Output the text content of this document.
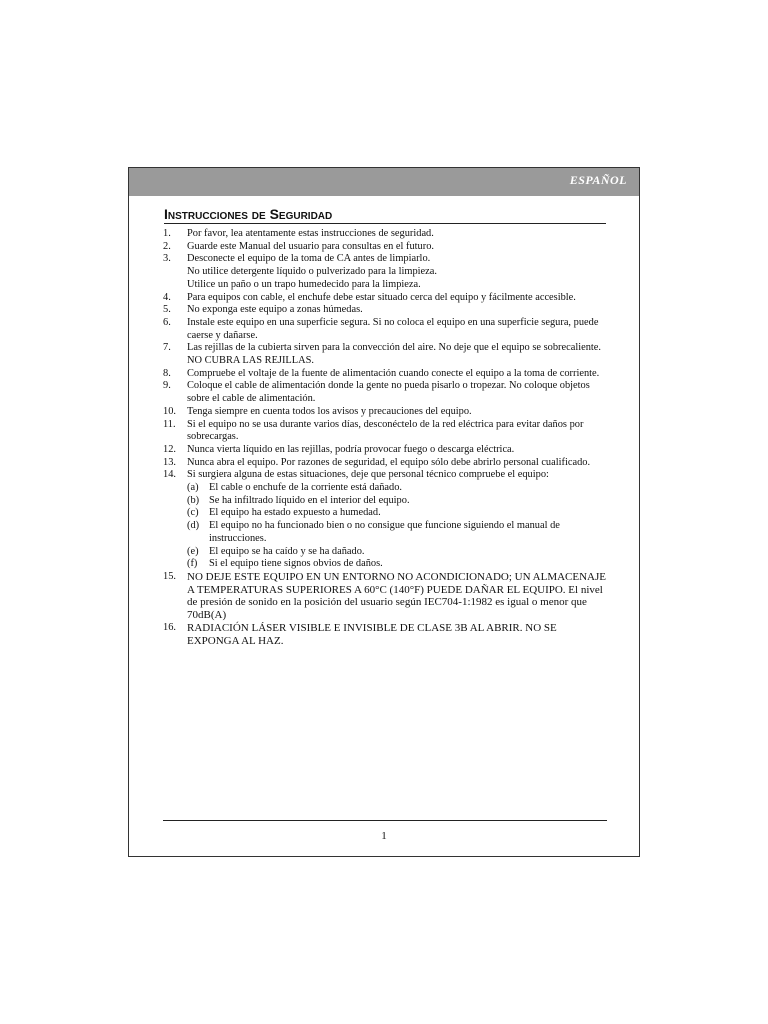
ESPAÑOL
Instrucciones de Seguridad
1.	Por favor, lea atentamente estas instrucciones de seguridad.
2.	Guarde este Manual del usuario para consultas en el futuro.
3.	Desconecte el equipo de la toma de CA antes de limpiarlo.
No utilice detergente líquido o pulverizado para la limpieza.
Utilice un paño o un trapo humedecido para la limpieza.
4.	Para equipos con cable, el enchufe debe estar situado cerca del equipo y fácilmente accesible.
5.	No exponga este equipo a zonas húmedas.
6.	Instale este equipo en una superficie segura. Si no coloca el equipo en una superficie segura, puede caerse y dañarse.
7.	Las rejillas de la cubierta sirven para la convección del aire. No deje que el equipo se sobrecaliente. NO CUBRA LAS REJILLAS.
8.	Compruebe el voltaje de la fuente de alimentación cuando conecte el equipo a la toma de corriente.
9.	Coloque el cable de alimentación donde la gente no pueda pisarlo o tropezar. No coloque objetos sobre el cable de alimentación.
10.	Tenga siempre en cuenta todos los avisos y precauciones del equipo.
11.	Si el equipo no se usa durante varios días, desconéctelo de la red eléctrica para evitar daños por sobrecargas.
12.	Nunca vierta líquido en las rejillas, podría provocar fuego o descarga eléctrica.
13.	Nunca abra el equipo. Por razones de seguridad, el equipo sólo debe abrirlo personal cualificado.
14.	Si surgiera alguna de estas situaciones, deje que personal técnico compruebe el equipo:
(a)	El cable o enchufe de la corriente está dañado.
(b) Se ha infiltrado líquido en el interior del equipo.
(c)	El equipo ha estado expuesto a humedad.
(d) El equipo no ha funcionado bien o no consigue que funcione siguiendo el manual de instrucciones.
(e)	El equipo se ha caído y se ha dañado.
(f)	Si el equipo tiene signos obvios de daños.
15.	NO DEJE ESTE EQUIPO EN UN ENTORNO NO ACONDICIONADO; UN ALMACENAJE A TEMPERATURAS SUPERIORES A 60°C (140°F) PUEDE DAÑAR EL EQUIPO. El nivel de presión de sonido en la posición del usuario según IEC704-1:1982 es igual o menor que 70dB(A)
16.	RADIACIÓN LÁSER VISIBLE E INVISIBLE DE CLASE 3B AL ABRIR. NO SE EXPONGA AL HAZ.
1
